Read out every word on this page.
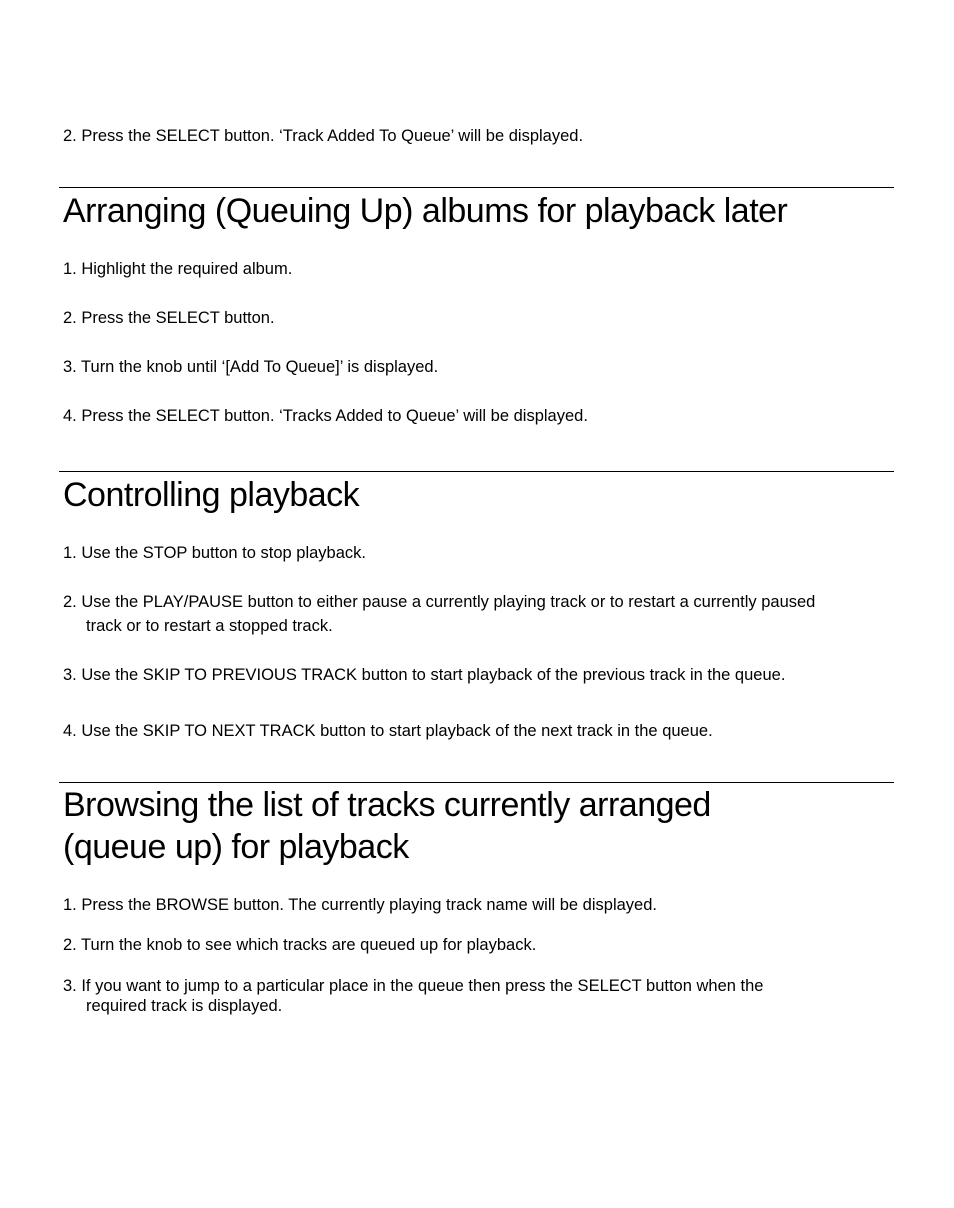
2. Press the SELECT button. ‘Track Added To Queue’ will be displayed.
Arranging (Queuing Up) albums for playback later
1. Highlight the required album.
2. Press the SELECT button.
3. Turn the knob until ‘[Add To Queue]’ is displayed.
4. Press the SELECT button. ‘Tracks Added to Queue’ will be displayed.
Controlling playback
1. Use the STOP button to stop playback.
2. Use the PLAY/PAUSE button to either pause a currently playing track or to restart a currently paused
track or to restart a stopped track.
3. Use the SKIP TO PREVIOUS TRACK button to start playback of the previous track in the queue.
4. Use the SKIP TO NEXT TRACK button to start playback of the next track in the queue.
Browsing the list of tracks currently arranged
(queue up) for playback
1. Press the BROWSE button. The currently playing track name will be displayed.
2. Turn the knob to see which tracks are queued up for playback.
3. If you want to jump to a particular place in the queue then press the SELECT button when the
required track is displayed.
